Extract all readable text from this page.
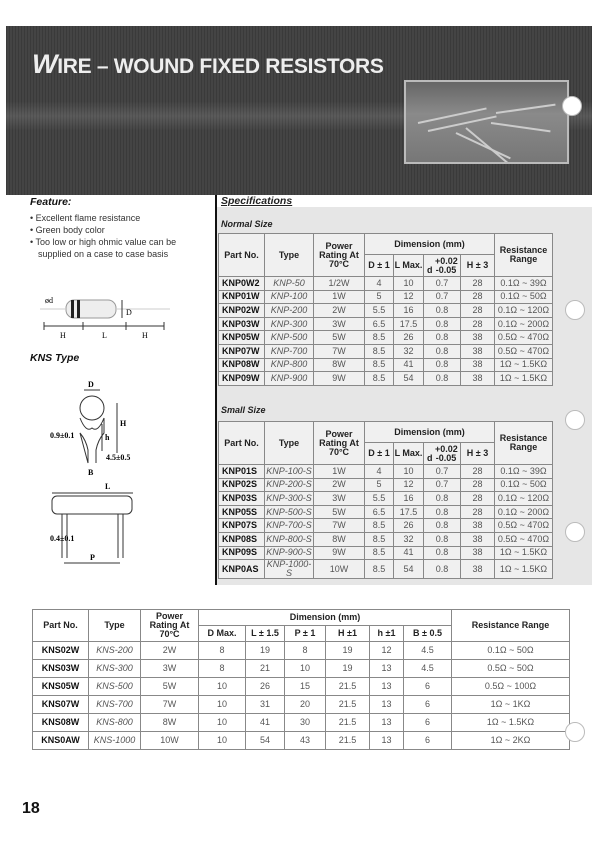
WIRE – WOUND FIXED RESISTORS
Feature:
• Excellent flame resistance
• Green body color
• Too low or high ohmic value can be supplied on a case to case basis
ød
D
H	L	H
KNS Type
D
H
h
0.9±0.1
4.5±0.5
B
L
0.4±0.1
P
Specifications
Normal Size
Part No.	Type	Power Rating At 70°C	Dimension (mm)				Resistance Range
			D ± 1	L Max.	d +0.02 -0.05	H ± 3	
KNP0W2	KNP-50	1/2W	4	10	0.7	28	0.1Ω ~ 39Ω
KNP01W	KNP-100	1W	5	12	0.7	28	0.1Ω ~ 50Ω
KNP02W	KNP-200	2W	5.5	16	0.8	28	0.1Ω ~ 120Ω
KNP03W	KNP-300	3W	6.5	17.5	0.8	28	0.1Ω ~ 200Ω
KNP05W	KNP-500	5W	8.5	26	0.8	38	0.5Ω ~ 470Ω
KNP07W	KNP-700	7W	8.5	32	0.8	38	0.5Ω ~ 470Ω
KNP08W	KNP-800	8W	8.5	41	0.8	38	1Ω ~ 1.5KΩ
KNP09W	KNP-900	9W	8.5	54	0.8	38	1Ω ~ 1.5KΩ
Small Size
Part No.	Type	Power Rating At 70°C	Dimension (mm)				Resistance Range
			D ± 1	L Max.	d +0.02 -0.05	H ± 3	
KNP01S	KNP-100-S	1W	4	10	0.7	28	0.1Ω ~ 39Ω
KNP02S	KNP-200-S	2W	5	12	0.7	28	0.1Ω ~ 50Ω
KNP03S	KNP-300-S	3W	5.5	16	0.8	28	0.1Ω ~ 120Ω
KNP05S	KNP-500-S	5W	6.5	17.5	0.8	28	0.1Ω ~ 200Ω
KNP07S	KNP-700-S	7W	8.5	26	0.8	38	0.5Ω ~ 470Ω
KNP08S	KNP-800-S	8W	8.5	32	0.8	38	0.5Ω ~ 470Ω
KNP09S	KNP-900-S	9W	8.5	41	0.8	38	1Ω ~ 1.5KΩ
KNP0AS	KNP-1000-S	10W	8.5	54	0.8	38	1Ω ~ 1.5KΩ
Part No.	Type	Power Rating At 70°C	Dimension (mm)						Resistance Range
			D Max.	L ± 1.5	P ± 1	H ±1	h ±1	B ± 0.5	
KNS02W	KNS-200	2W	8	19	8	19	12	4.5	0.1Ω ~ 50Ω
KNS03W	KNS-300	3W	8	21	10	19	13	4.5	0.5Ω ~ 50Ω
KNS05W	KNS-500	5W	10	26	15	21.5	13	6	0.5Ω ~ 100Ω
KNS07W	KNS-700	7W	10	31	20	21.5	13	6	1Ω ~ 1KΩ
KNS08W	KNS-800	8W	10	41	30	21.5	13	6	1Ω ~ 1.5KΩ
KNS0AW	KNS-1000	10W	10	54	43	21.5	13	6	1Ω ~ 2KΩ
18
